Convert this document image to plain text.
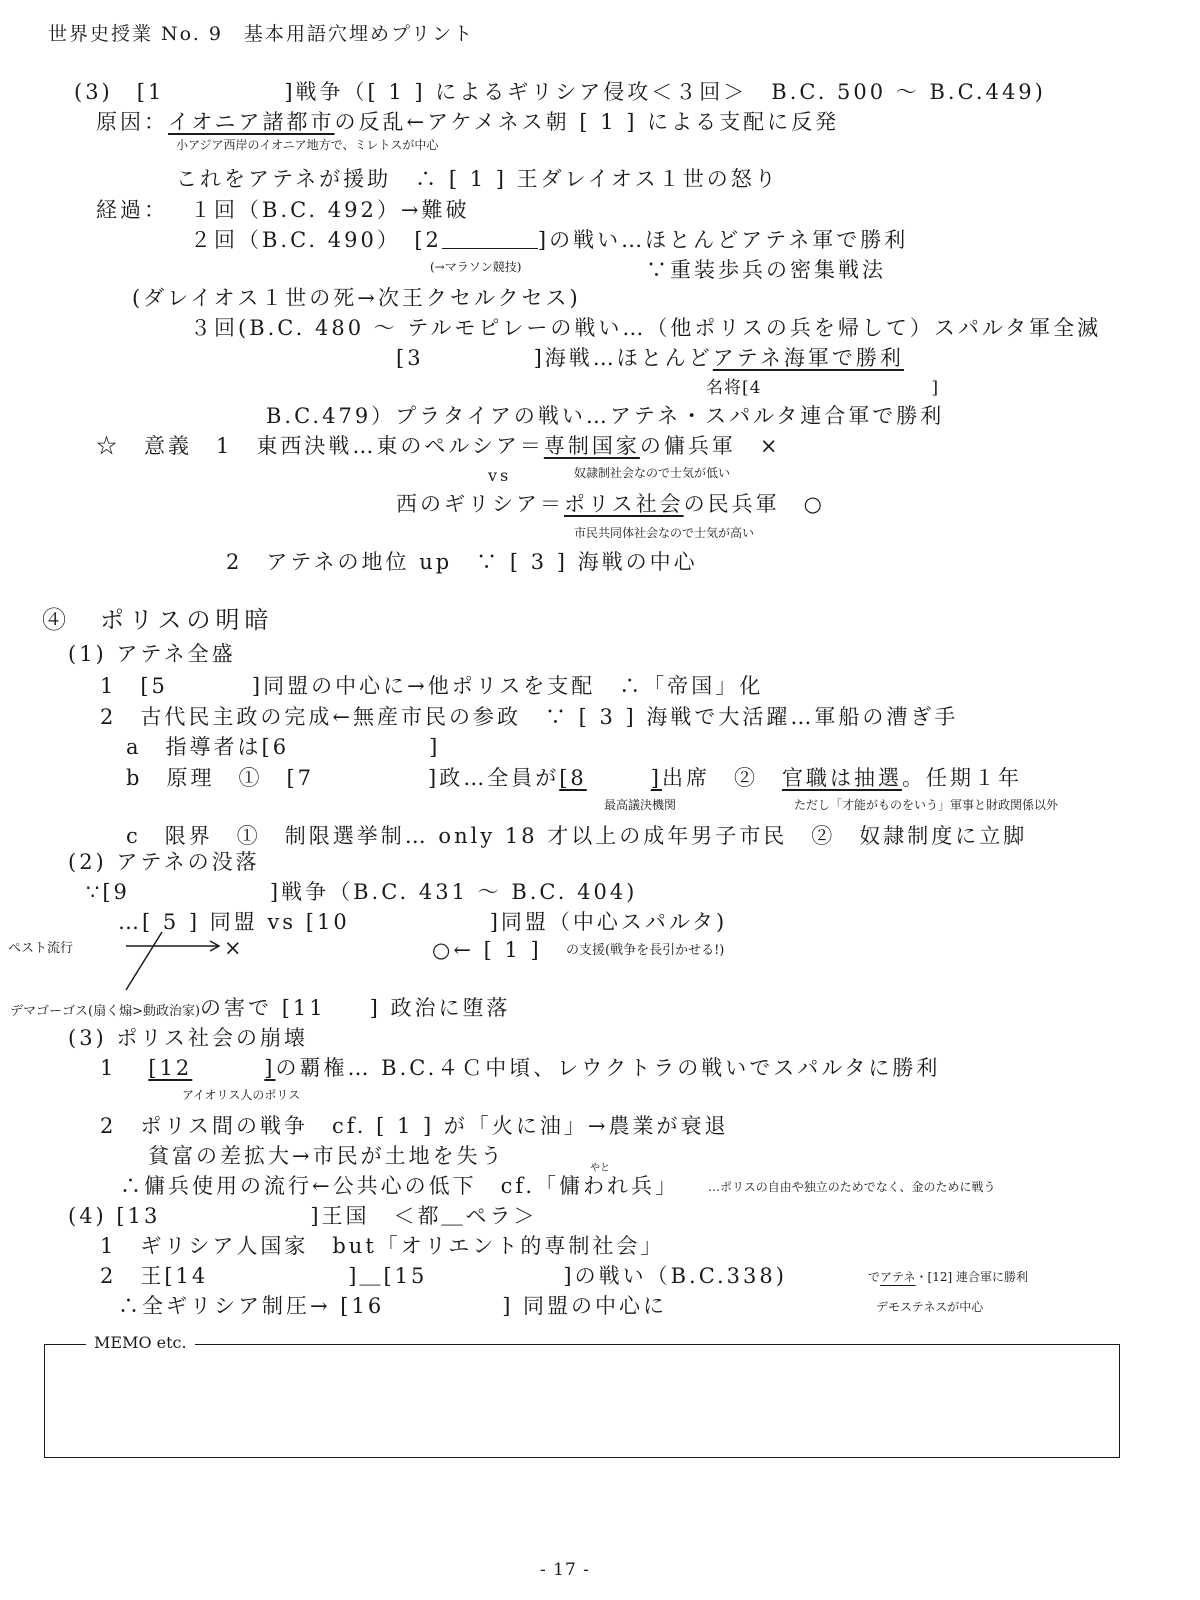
世界史授業 No. 9　基本用語穴埋めプリント
(3)　[1	]戦争（[ 1 ] によるギリシア侵攻＜３回＞　B.C. 500 ～ B.C.449)
原因：イオニア諸都市の反乱←アケメネス朝 [ 1 ] による支配に反発
小アジア西岸のイオニア地方で、ミレトスが中心
これをアテネが援助　∴ [ 1 ] 王ダレイオス１世の怒り
経過： １回（B.C. 492）→難破
２回（B.C. 490）　[2	]の戦い…ほとんどアテネ軍で勝利
(→マラソン競技)	∵重装歩兵の密集戦法
(ダレイオス１世の死→次王クセルクセス)
３回(B.C. 480 ～ テルモピレーの戦い…（他ポリスの兵を帰して）スパルタ軍全滅
[3	]海戦…ほとんどアテネ海軍で勝利
名将[4	]
B.C.479）プラタイアの戦い…アテネ・スパルタ連合軍で勝利
☆　意義　1　東西決戦…東のペルシア＝専制国家の傭兵軍　×
vs	奴隷制社会なので士気が低い
西のギリシア＝ポリス社会の民兵軍　○
市民共同体社会なので士気が高い
2　アテネの地位 up　∵ [ 3 ] 海戦の中心
④　ポリスの明暗
(1) アテネ全盛
1　[5	]同盟の中心に→他ポリスを支配　∴「帝国」化
2　古代民主政の完成←無産市民の参政　∵ [ 3 ] 海戦で大活躍…軍船の漕ぎ手
a　指導者は[6	]
b　原理　①　[7	]政…全員が[8	]出席　②　官職は抽選。任期１年
最高議決機関	ただし「才能がものをいう」軍事と財政関係以外
c　限界　①　制限選挙制… only 18 才以上の成年男子市民　②　奴隷制度に立脚
(2) アテネの没落
∵[9	]戦争（B.C. 431 ～ B.C. 404)
…[ 5 ] 同盟 vs [10	]同盟（中心スパルタ)
ペスト流行	×	○← [ 1 ] の支援(戦争を長引かせる!)
デマゴーゴス(扇く煽>動政治家)の害で [11 ] 政治に堕落
(3) ポリス社会の崩壊
1 [12	]の覇権… B.C.４Ｃ中頃、レウクトラの戦いでスパルタに勝利
アイオリス人のポリス
2　ポリス間の戦争　cf. [ 1 ] が「火に油」→農業が衰退
貧富の差拡大→市民が土地を失う
やと
∴傭兵使用の流行←公共心の低下　cf.「傭われ兵」 …ポリスの自由や独立のためでなく、金のために戦う
(4) [13	]王国　＜都＿ペラ＞
1　ギリシア人国家　but「オリエント的専制社会」
2　王[14	]＿[15	]の戦い（B.C.338)	でアテネ・[12] 連合軍に勝利
∴全ギリシア制圧→ [16	] 同盟の中心に	デモステネスが中心
MEMO etc.
- 17 -
